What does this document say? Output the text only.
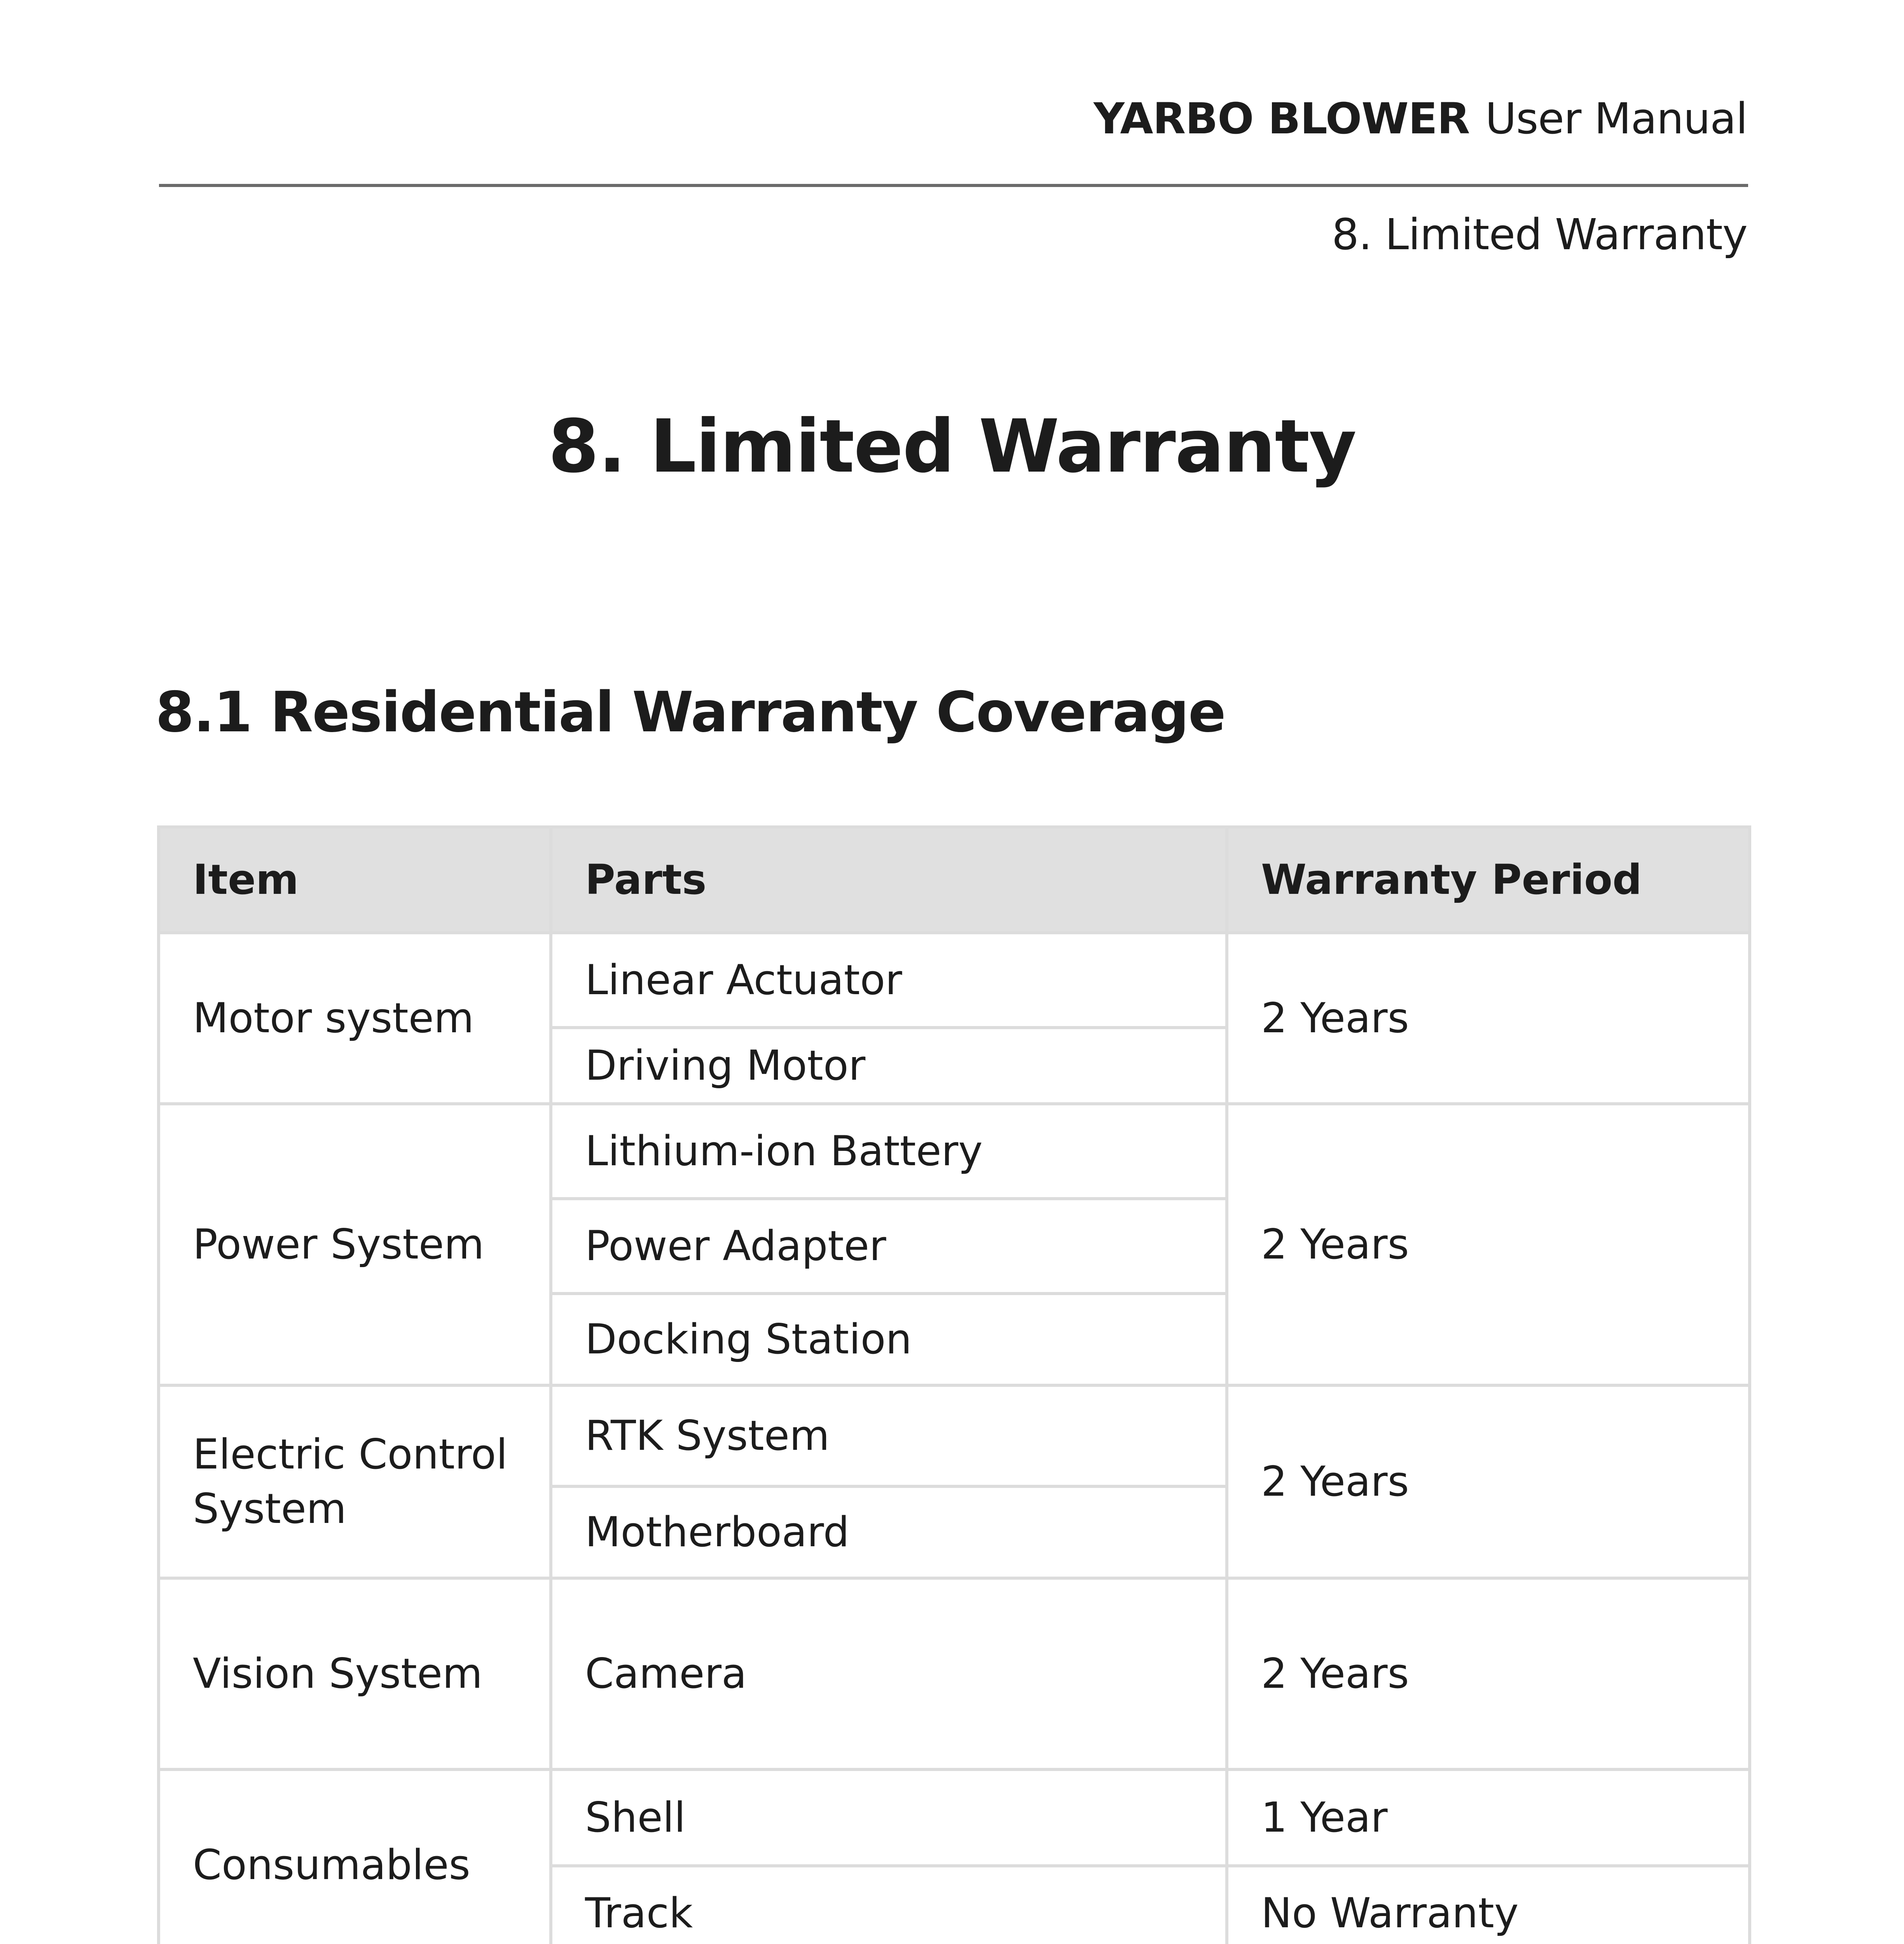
YARBO BLOWER User Manual
8. Limited Warranty
8. Limited Warranty
8.1 Residential Warranty Coverage
Item	Parts	Warranty Period
Motor system	Linear Actuator	2 Years
	Driving Motor	
Power System	Lithium-ion Battery	2 Years
	Power Adapter	
	Docking Station	
Electric Control System	RTK System	2 Years
	Motherboard	
Vision System	Camera	2 Years
Consumables	Shell	1 Year
	Track	No Warranty
